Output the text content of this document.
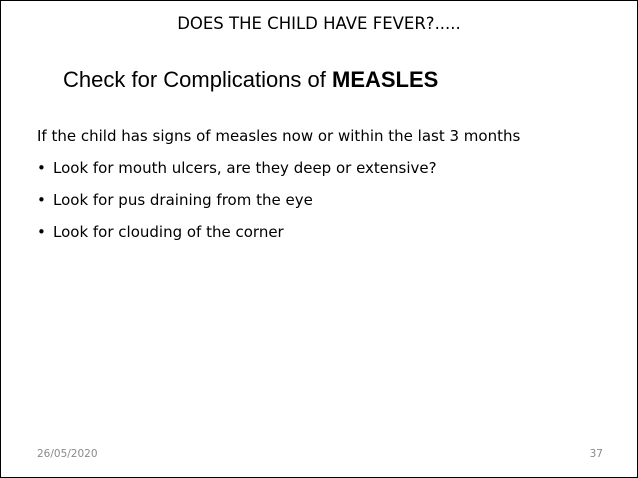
DOES THE CHILD HAVE FEVER?.....
Check for Complications of MEASLES
If the child has signs of measles now or within the last 3 months
• Look for mouth ulcers, are they deep or extensive?
• Look for pus draining from the eye
• Look for clouding of the corner
26/05/2020	37
